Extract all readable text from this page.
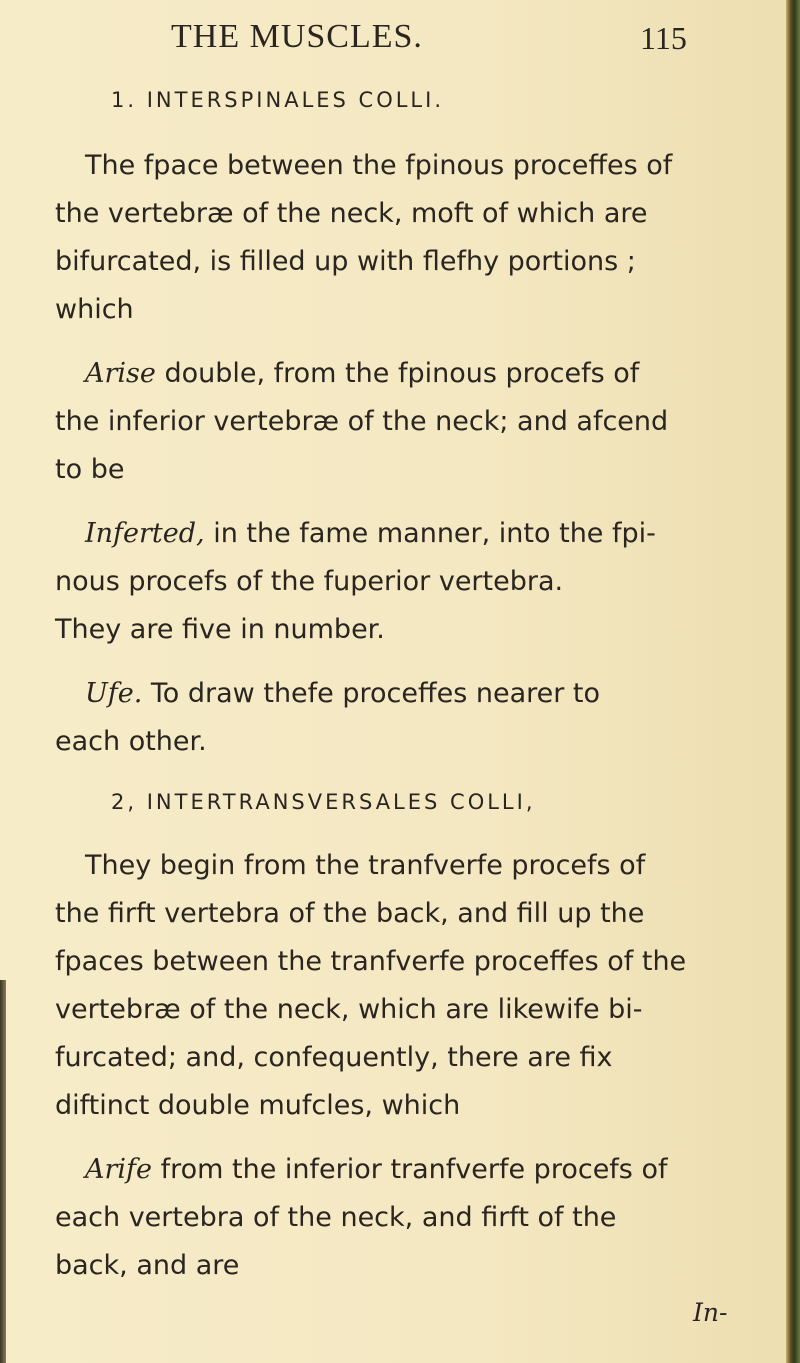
THE MUSCLES.	115
1. INTERSPINALES COLLI.
The fpace between the fpinous proceffes of
the vertebræ of the neck, moft of which are
bifurcated, is filled up with flefhy portions ;
which
Arise double, from the fpinous procefs of
the inferior vertebræ of the neck; and afcend
to be
Inferted, in the fame manner, into the fpi-
nous procefs of the fuperior vertebra.
They are five in number.
Ufe. To draw thefe proceffes nearer to
each other.
2, INTERTRANSVERSALES COLLI,
They begin from the tranfverfe procefs of
the firft vertebra of the back, and fill up the
fpaces between the tranfverfe proceffes of the
vertebræ of the neck, which are likewife bi-
furcated; and, confequently, there are fix
diftinct double mufcles, which
Arife from the inferior tranfverfe procefs of
each vertebra of the neck, and firft of the
back, and are
In-
